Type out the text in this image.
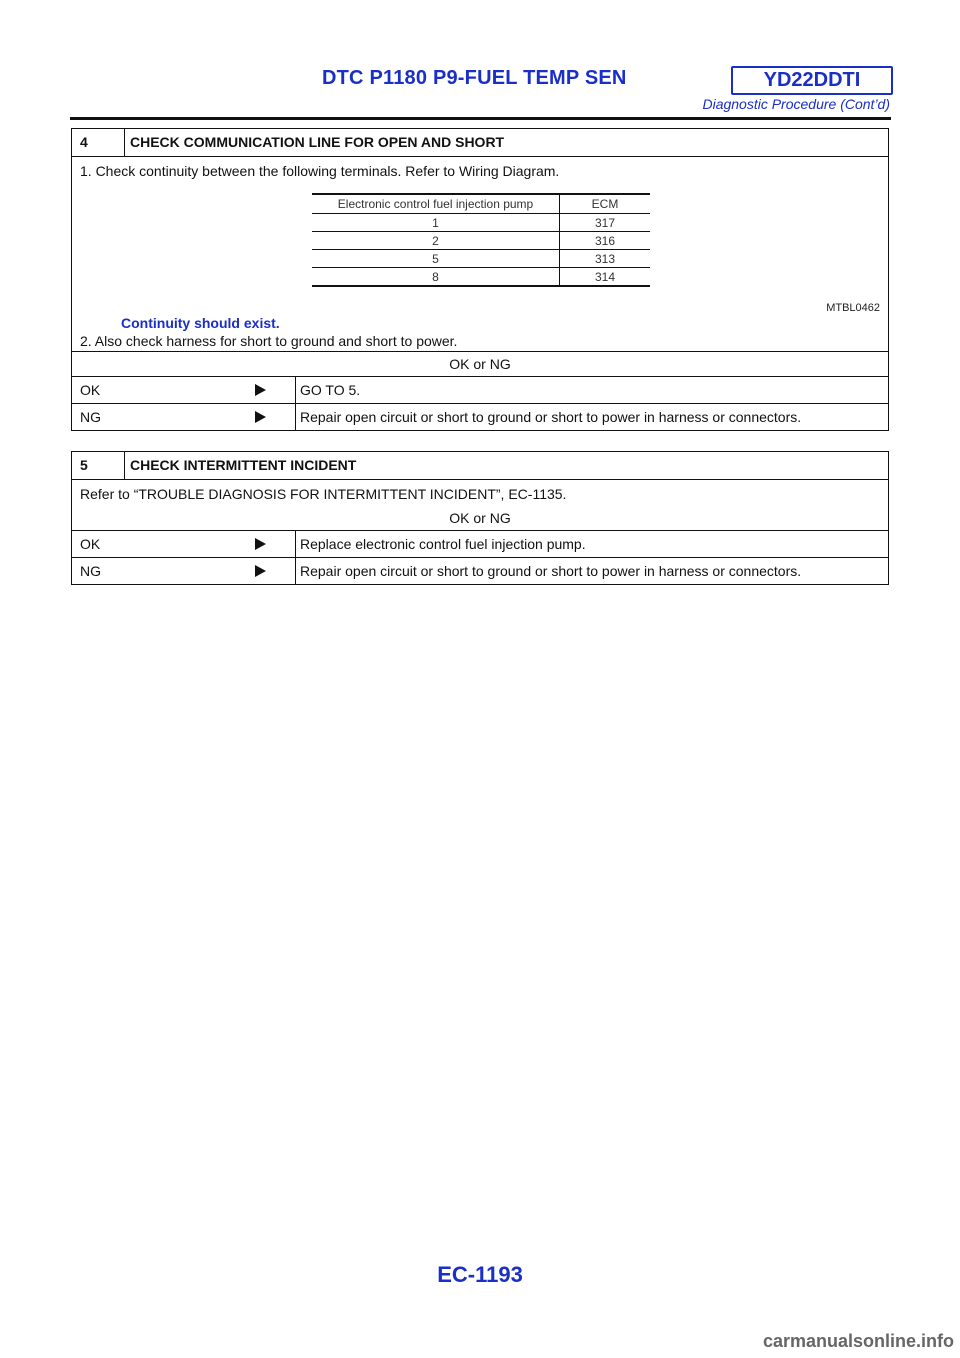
DTC P1180 P9-FUEL TEMP SEN	YD22DDTI
Diagnostic Procedure (Cont’d)
4	CHECK COMMUNICATION LINE FOR OPEN AND SHORT
1. Check continuity between the following terminals. Refer to Wiring Diagram.
Electronic control fuel injection pump	ECM
1	317
2	316
5	313
8	314
MTBL0462
Continuity should exist.
2. Also check harness for short to ground and short to power.
OK or NG
OK	GO TO 5.
NG	Repair open circuit or short to ground or short to power in harness or connectors.
5	CHECK INTERMITTENT INCIDENT
Refer to “TROUBLE DIAGNOSIS FOR INTERMITTENT INCIDENT”, EC-1135.
OK or NG
OK	Replace electronic control fuel injection pump.
NG	Repair open circuit or short to ground or short to power in harness or connectors.
EC-1193
carmanualsonline.info
